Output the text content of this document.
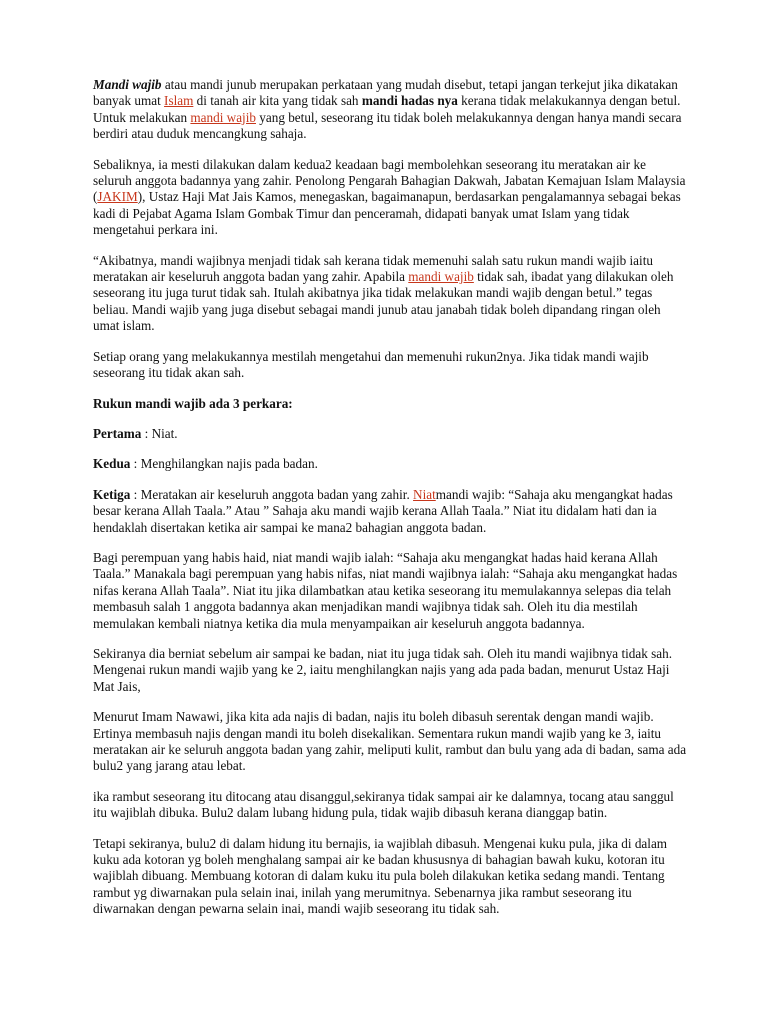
Mandi wajib atau mandi junub merupakan perkataan yang mudah disebut, tetapi jangan terkejut jika dikatakan banyak umat Islam di tanah air kita yang tidak sah mandi hadas nya kerana tidak melakukannya dengan betul. Untuk melakukan mandi wajib yang betul, seseorang itu tidak boleh melakukannya dengan hanya mandi secara berdiri atau duduk mencangkung sahaja.

Sebaliknya, ia mesti dilakukan dalam kedua2 keadaan bagi membolehkan seseorang itu meratakan air ke seluruh anggota badannya yang zahir. Penolong Pengarah Bahagian Dakwah, Jabatan Kemajuan Islam Malaysia (JAKIM), Ustaz Haji Mat Jais Kamos, menegaskan, bagaimanapun, berdasarkan pengalamannya sebagai bekas kadi di Pejabat Agama Islam Gombak Timur dan penceramah, didapati banyak umat Islam yang tidak mengetahui perkara ini.

“Akibatnya, mandi wajibnya menjadi tidak sah kerana tidak memenuhi salah satu rukun mandi wajib iaitu meratakan air keseluruh anggota badan yang zahir. Apabila mandi wajib tidak sah, ibadat yang dilakukan oleh seseorang itu juga turut tidak sah. Itulah akibatnya jika tidak melakukan mandi wajib dengan betul.” tegas beliau. Mandi wajib yang juga disebut sebagai mandi junub atau janabah tidak boleh dipandang ringan oleh umat islam.

Setiap orang yang melakukannya mestilah mengetahui dan memenuhi rukun2nya. Jika tidak mandi wajib seseorang itu tidak akan sah.

Rukun mandi wajib ada 3 perkara:

Pertama : Niat.

Kedua : Menghilangkan najis pada badan.

Ketiga : Meratakan air keseluruh anggota badan yang zahir. Niatmandi wajib: “Sahaja aku mengangkat hadas besar kerana Allah Taala.” Atau ” Sahaja aku mandi wajib kerana Allah Taala.” Niat itu didalam hati dan ia hendaklah disertakan ketika air sampai ke mana2 bahagian anggota badan.

Bagi perempuan yang habis haid, niat mandi wajib ialah: “Sahaja aku mengangkat hadas haid kerana Allah Taala.” Manakala bagi perempuan yang habis nifas, niat mandi wajibnya ialah: “Sahaja aku mengangkat hadas nifas kerana Allah Taala”. Niat itu jika dilambatkan atau ketika seseorang itu memulakannya selepas dia telah membasuh salah 1 anggota badannya akan menjadikan mandi wajibnya tidak sah. Oleh itu dia mestilah memulakan kembali niatnya ketika dia mula menyampaikan air keseluruh anggota badannya.

Sekiranya dia berniat sebelum air sampai ke badan, niat itu juga tidak sah. Oleh itu mandi wajibnya tidak sah. Mengenai rukun mandi wajib yang ke 2, iaitu menghilangkan najis yang ada pada badan, menurut Ustaz Haji Mat Jais,

Menurut Imam Nawawi, jika kita ada najis di badan, najis itu boleh dibasuh serentak dengan mandi wajib. Ertinya membasuh najis dengan mandi itu boleh disekalikan. Sementara rukun mandi wajib yang ke 3, iaitu meratakan air ke seluruh anggota badan yang zahir, meliputi kulit, rambut dan bulu yang ada di badan, sama ada bulu2 yang jarang atau lebat.

ika rambut seseorang itu ditocang atau disanggul,sekiranya tidak sampai air ke dalamnya, tocang atau sanggul itu wajiblah dibuka. Bulu2 dalam lubang hidung pula, tidak wajib dibasuh kerana dianggap batin.

Tetapi sekiranya, bulu2 di dalam hidung itu bernajis, ia wajiblah dibasuh. Mengenai kuku pula, jika di dalam kuku ada kotoran yg boleh menghalang sampai air ke badan khususnya di bahagian bawah kuku, kotoran itu wajiblah dibuang. Membuang kotoran di dalam kuku itu pula boleh dilakukan ketika sedang mandi. Tentang rambut yg diwarnakan pula selain inai, inilah yang merumitnya. Sebenarnya jika rambut seseorang itu diwarnakan dengan pewarna selain inai, mandi wajib seseorang itu tidak sah.
